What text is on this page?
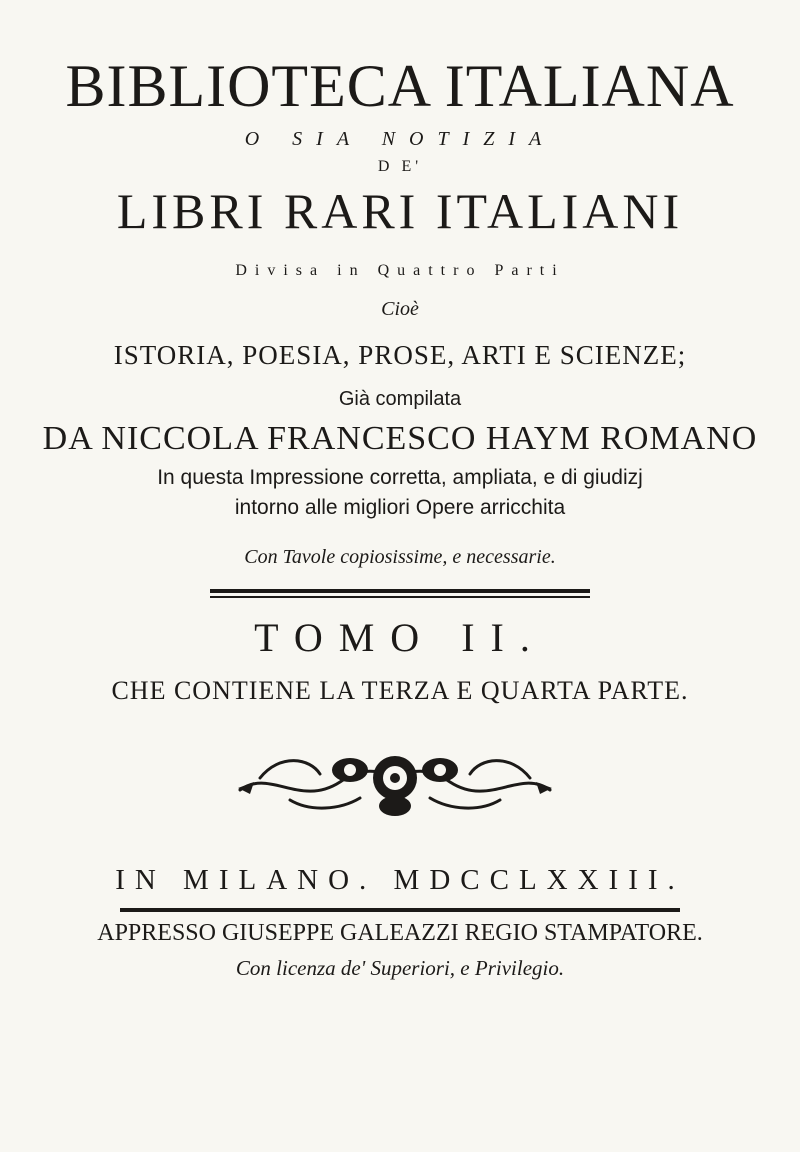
BIBLIOTECA ITALIANA
O SIA NOTIZIA
D E'
LIBRI RARI ITALIANI
Divisa in Quattro Parti
Cioè
ISTORIA, POESIA, PROSE, ARTI E SCIENZE;
Già compilata
DA NICCOLA FRANCESCO HAYM ROMANO
In questa Impressione corretta, ampliata, e di giudizj
intorno alle migliori Opere arricchita
Con Tavole copiosissime, e necessarie.
TOMO II.
CHE CONTIENE LA TERZA E QUARTA PARTE.
IN MILANO. MDCCLXXIII.
APPRESSO GIUSEPPE GALEAZZI REGIO STAMPATORE.
Con licenza de' Superiori, e Privilegio.
